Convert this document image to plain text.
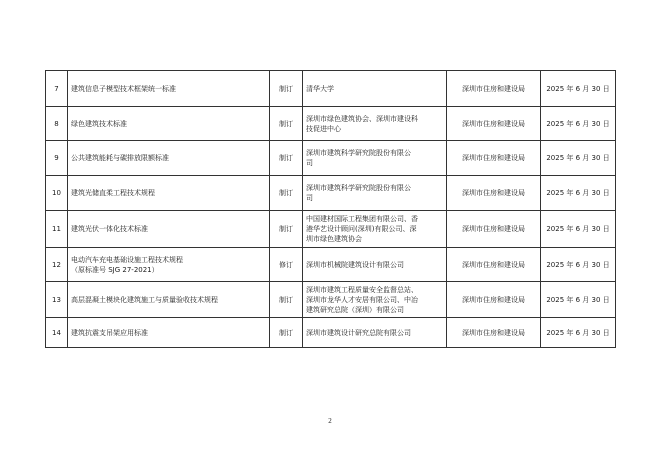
7	建筑信息子模型技术框架统一标准	制订	清华大学	深圳市住房和建设局	2025 年 6 月 30 日
8	绿色建筑技术标准	制订	深圳市绿色建筑协会、深圳市建设科
技促进中心	深圳市住房和建设局	2025 年 6 月 30 日
9	公共建筑能耗与碳排放限额标准	制订	深圳市建筑科学研究院股份有限公
司	深圳市住房和建设局	2025 年 6 月 30 日
10	建筑光储直柔工程技术规程	制订	深圳市建筑科学研究院股份有限公
司	深圳市住房和建设局	2025 年 6 月 30 日
11	建筑光伏一体化技术标准	制订	中国建材国际工程集团有限公司、香
港华艺设计顾问(深圳)有限公司、深
圳市绿色建筑协会	深圳市住房和建设局	2025 年 6 月 30 日
12	电动汽车充电基础设施工程技术规程
（原标准号 SJG 27-2021）	修订	深圳市机械院建筑设计有限公司	深圳市住房和建设局	2025 年 6 月 30 日
13	高层混凝土模块化建筑施工与质量验收技术规程	制订	深圳市建筑工程质量安全监督总站、
深圳市龙华人才安居有限公司、中冶
建筑研究总院（深圳）有限公司	深圳市住房和建设局	2025 年 6 月 30 日
14	建筑抗震支吊架应用标准	制订	深圳市建筑设计研究总院有限公司	深圳市住房和建设局	2025 年 6 月 30 日
2
